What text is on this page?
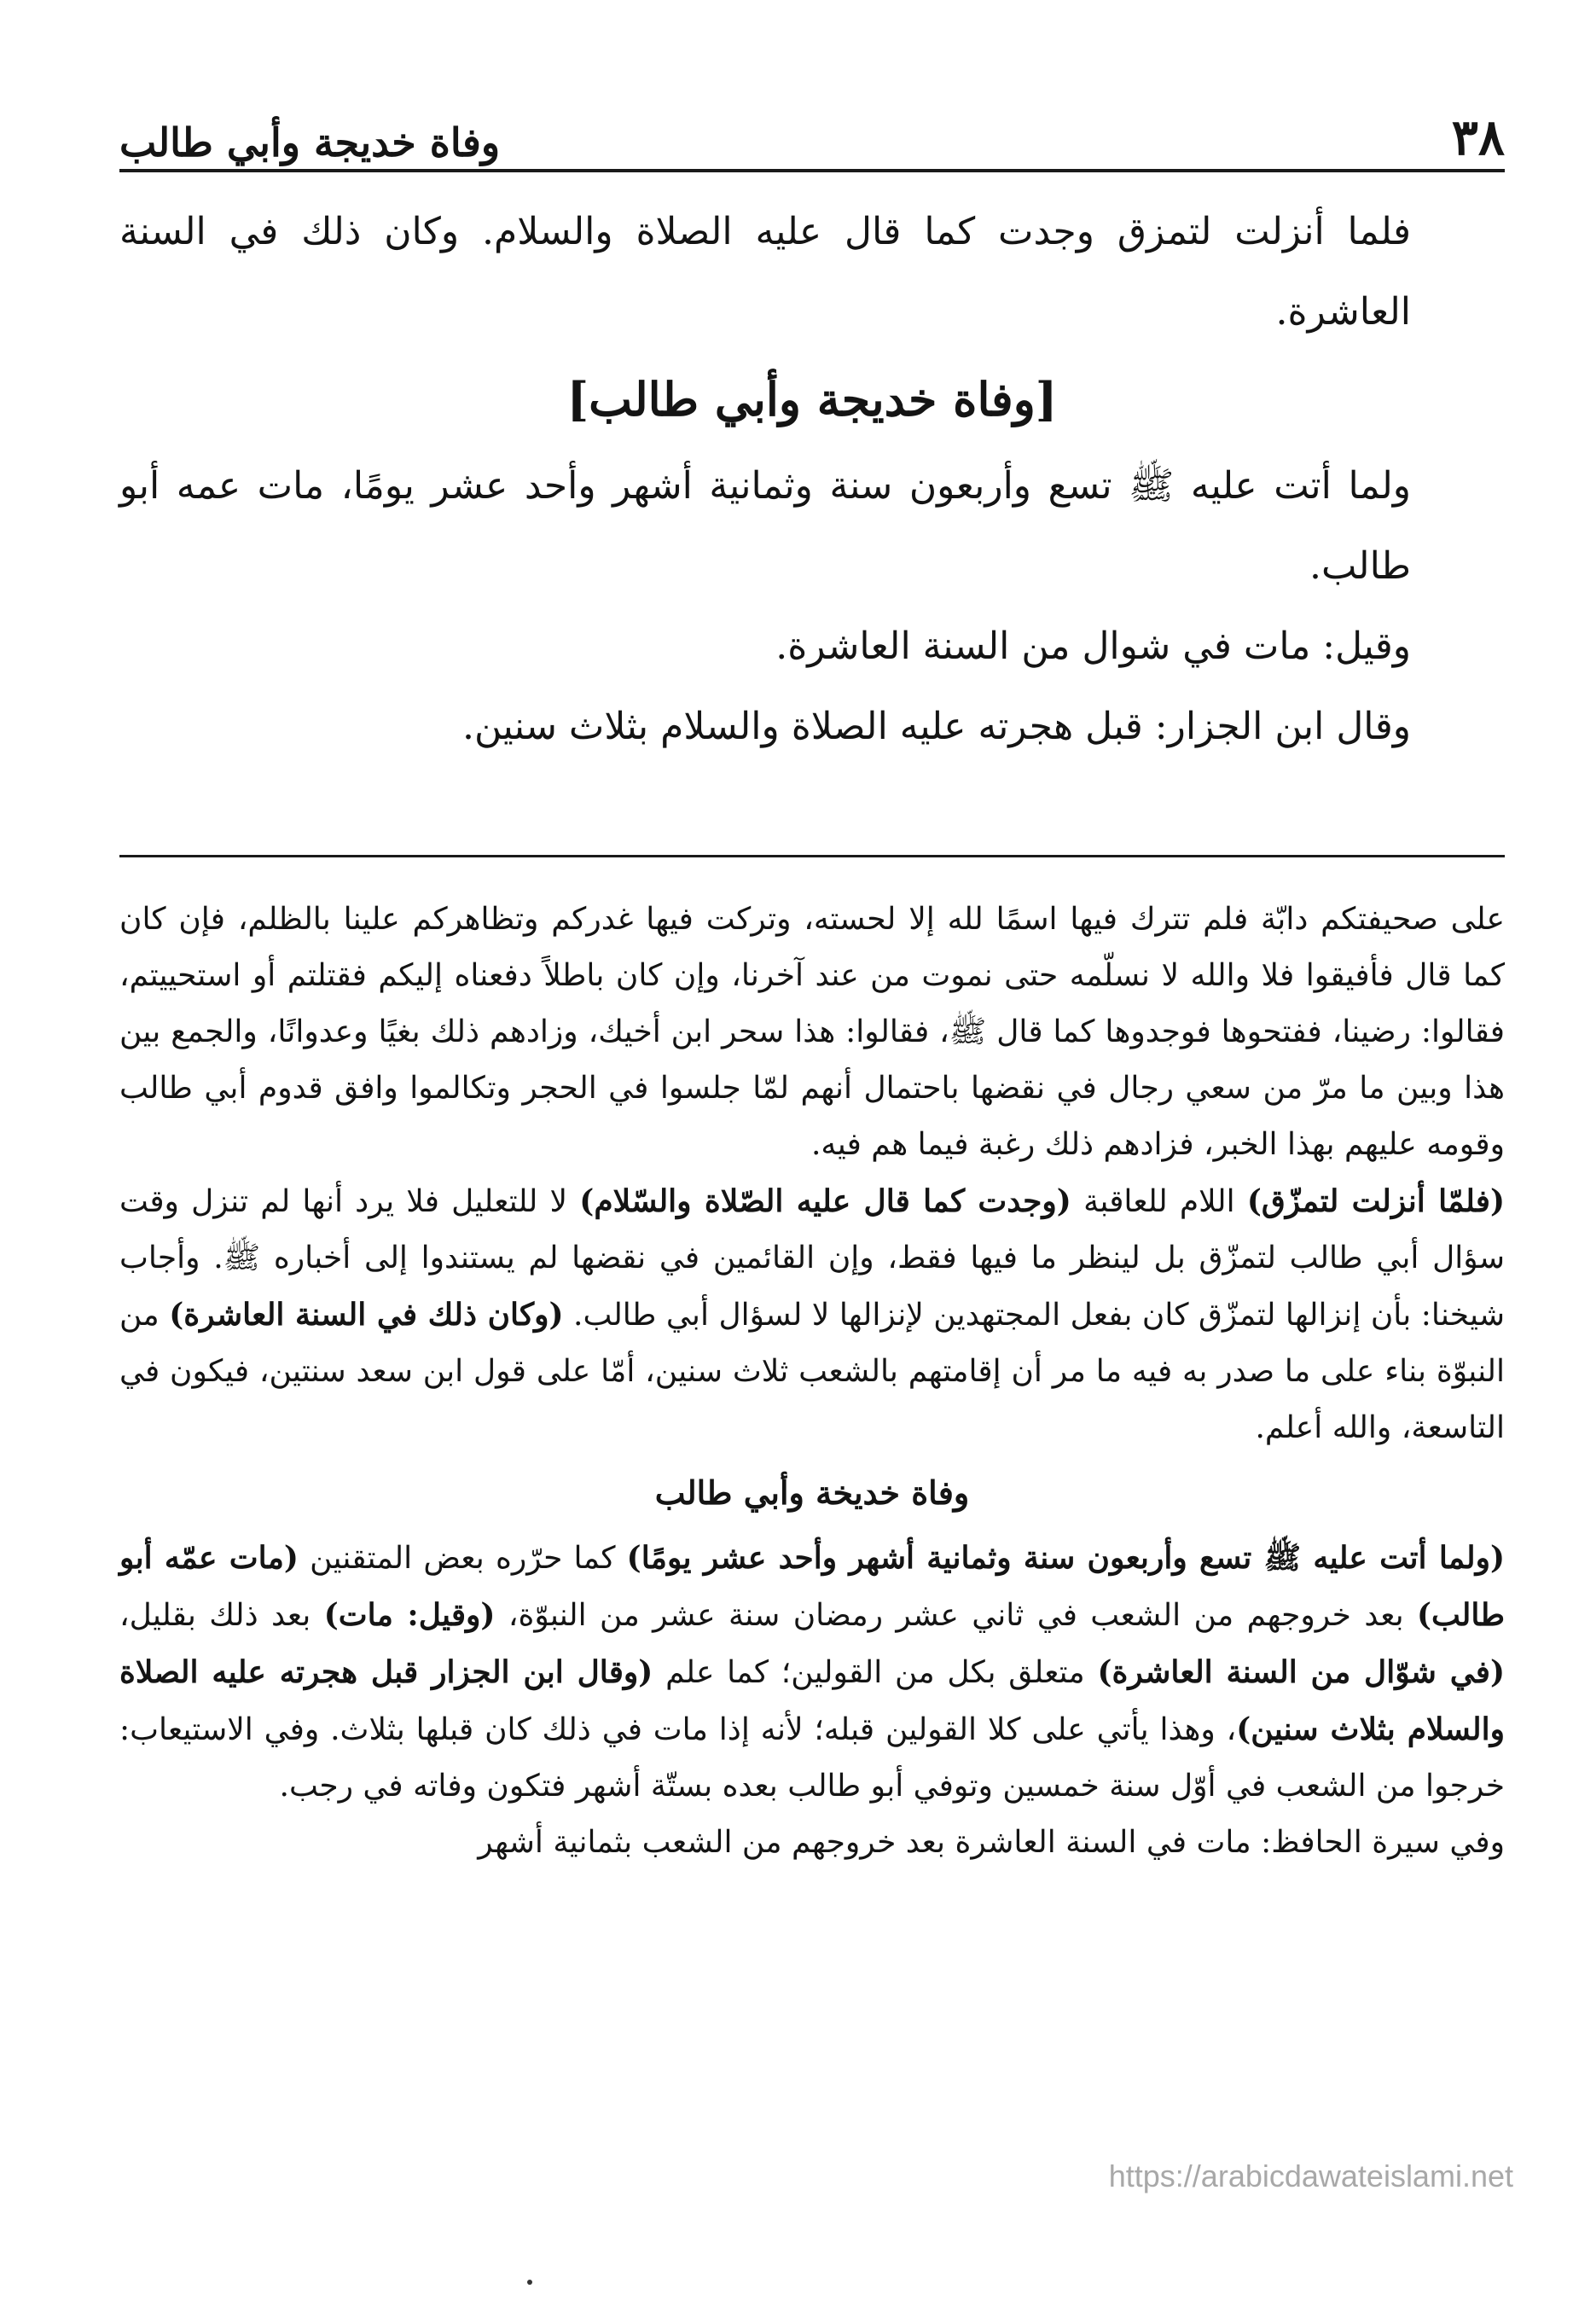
٣٨
وفاة خديجة وأبي طالب

فلما أنزلت لتمزق وجدت كما قال عليه الصلاة والسلام. وكان ذلك في السنة العاشرة.

[وفاة خديجة وأبي طالب]

ولما أتت عليه ﷺ تسع وأربعون سنة وثمانية أشهر وأحد عشر يومًا، مات عمه أبو طالب.

وقيل: مات في شوال من السنة العاشرة.

وقال ابن الجزار: قبل هجرته عليه الصلاة والسلام بثلاث سنين.

على صحيفتكم دابّة فلم تترك فيها اسمًا لله إلا لحسته، وتركت فيها غدركم وتظاهركم علينا بالظلم، فإن كان كما قال فأفيقوا فلا والله لا نسلّمه حتى نموت من عند آخرنا، وإن كان باطلاً دفعناه إليكم فقتلتم أو استحييتم، فقالوا: رضينا، ففتحوها فوجدوها كما قال ﷺ، فقالوا: هذا سحر ابن أخيك، وزادهم ذلك بغيًا وعدوانًا، والجمع بين هذا وبين ما مرّ من سعي رجال في نقضها باحتمال أنهم لمّا جلسوا في الحجر وتكالموا وافق قدوم أبي طالب وقومه عليهم بهذا الخبر، فزادهم ذلك رغبة فيما هم فيه.

(فلمّا أنزلت لتمزّق) اللام للعاقبة (وجدت كما قال عليه الصّلاة والسّلام) لا للتعليل فلا يرد أنها لم تنزل وقت سؤال أبي طالب لتمزّق بل لينظر ما فيها فقط، وإن القائمين في نقضها لم يستندوا إلى أخباره ﷺ. وأجاب شيخنا: بأن إنزالها لتمزّق كان بفعل المجتهدين لإنزالها لا لسؤال أبي طالب. (وكان ذلك في السنة العاشرة) من النبوّة بناء على ما صدر به فيه ما مر أن إقامتهم بالشعب ثلاث سنين، أمّا على قول ابن سعد سنتين، فيكون في التاسعة، والله أعلم.

وفاة خديخة وأبي طالب

(ولما أتت عليه ﷺ تسع وأربعون سنة وثمانية أشهر وأحد عشر يومًا) كما حرّره بعض المتقنين (مات عمّه أبو طالب) بعد خروجهم من الشعب في ثاني عشر رمضان سنة عشر من النبوّة، (وقيل: مات) بعد ذلك بقليل، (في شوّال من السنة العاشرة) متعلق بكل من القولين؛ كما علم (وقال ابن الجزار قبل هجرته عليه الصلاة والسلام بثلاث سنين)، وهذا يأتي على كلا القولين قبله؛ لأنه إذا مات في ذلك كان قبلها بثلاث. وفي الاستيعاب: خرجوا من الشعب في أوّل سنة خمسين وتوفي أبو طالب بعده بستّة أشهر فتكون وفاته في رجب.

وفي سيرة الحافظ: مات في السنة العاشرة بعد خروجهم من الشعب بثمانية أشهر

https://arabicdawateislami.net
